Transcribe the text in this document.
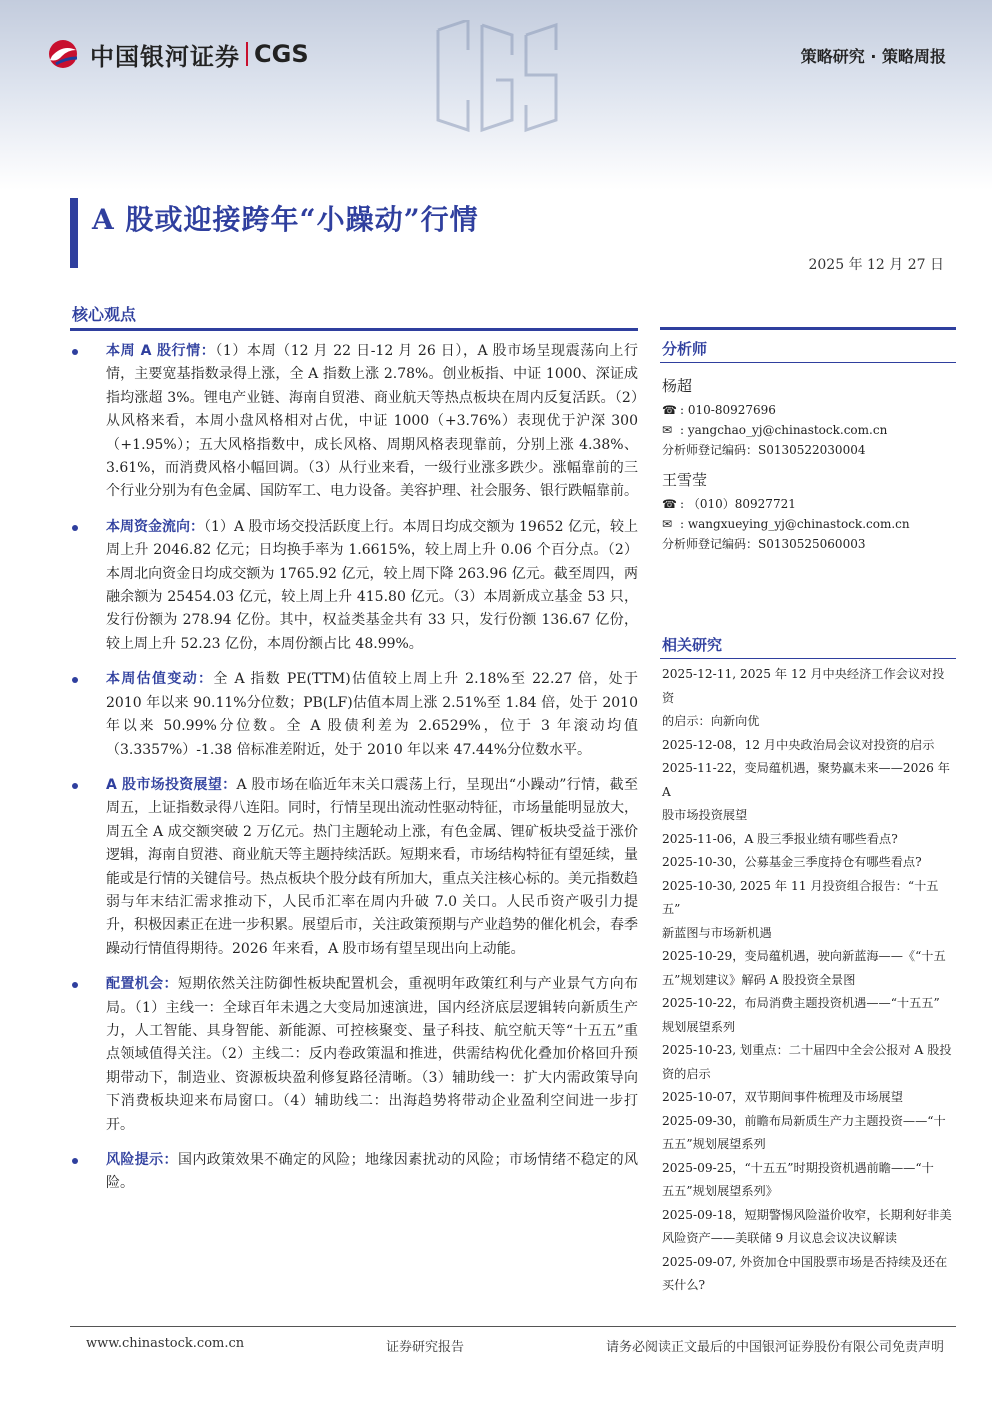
中国银河证券 CGS	策略研究 · 策略周报
A 股或迎接跨年“小躁动”行情
2025 年 12 月 27 日
核心观点
本周 A 股行情：（1）本周（12 月 22 日-12 月 26 日），A 股市场呈现震荡向上行情，主要宽基指数录得上涨，全 A 指数上涨 2.78%。创业板指、中证 1000、深证成指均涨超 3%。锂电产业链、海南自贸港、商业航天等热点板块在周内反复活跃。（2）从风格来看，本周小盘风格相对占优，中证 1000（+3.76%）表现优于沪深 300（+1.95%）；五大风格指数中，成长风格、周期风格表现靠前，分别上涨 4.38%、3.61%，而消费风格小幅回调。（3）从行业来看，一级行业涨多跌少。涨幅靠前的三个行业分别为有色金属、国防军工、电力设备。美容护理、社会服务、银行跌幅靠前。
本周资金流向：（1）A 股市场交投活跃度上行。本周日均成交额为 19652 亿元，较上周上升 2046.82 亿元；日均换手率为 1.6615%，较上周上升 0.06 个百分点。（2）本周北向资金日均成交额为 1765.92 亿元，较上周下降 263.96 亿元。截至周四，两融余额为 25454.03 亿元，较上周上升 415.80 亿元。（3）本周新成立基金 53 只，发行份额为 278.94 亿份。其中，权益类基金共有 33 只，发行份额 136.67 亿份，较上周上升 52.23 亿份，本周份额占比 48.99%。
本周估值变动：全 A 指数 PE(TTM)估值较上周上升 2.18%至 22.27 倍，处于 2010 年以来 90.11%分位数；PB(LF)估值本周上涨 2.51%至 1.84 倍，处于 2010 年以来 50.99%分位数。全 A 股债利差为 2.6529%，位于 3 年滚动均值（3.3357%）-1.38 倍标准差附近，处于 2010 年以来 47.44%分位数水平。
A 股市场投资展望：A 股市场在临近年末关口震荡上行，呈现出“小躁动”行情，截至周五，上证指数录得八连阳。同时，行情呈现出流动性驱动特征，市场量能明显放大，周五全 A 成交额突破 2 万亿元。热门主题轮动上涨，有色金属、锂矿板块受益于涨价逻辑，海南自贸港、商业航天等主题持续活跃。短期来看，市场结构特征有望延续，量能或是行情的关键信号。热点板块个股分歧有所加大，重点关注核心标的。美元指数趋弱与年末结汇需求推动下，人民币汇率在周内升破 7.0 关口。人民币资产吸引力提升，积极因素正在进一步积累。展望后市，关注政策预期与产业趋势的催化机会，春季躁动行情值得期待。2026 年来看，A 股市场有望呈现出向上动能。
配置机会：短期依然关注防御性板块配置机会，重视明年政策红利与产业景气方向布局。（1）主线一：全球百年未遇之大变局加速演进，国内经济底层逻辑转向新质生产力，人工智能、具身智能、新能源、可控核聚变、量子科技、航空航天等“十五五”重点领域值得关注。（2）主线二：反内卷政策温和推进，供需结构优化叠加价格回升预期带动下，制造业、资源板块盈利修复路径清晰。（3）辅助线一：扩大内需政策导向下消费板块迎来布局窗口。（4）辅助线二：出海趋势将带动企业盈利空间进一步打开。
风险提示：国内政策效果不确定的风险；地缘因素扰动的风险；市场情绪不稳定的风险。
分析师
杨超
☎ : 010-80927696
✉ : yangchao_yj@chinastock.com.cn
分析师登记编码：S0130522030004
王雪莹
☎ : （010）80927721
✉ : wangxueying_yj@chinastock.com.cn
分析师登记编码：S0130525060003
相关研究
2025-12-11, 2025 年 12 月中央经济工作会议对投资
的启示：向新向优
2025-12-08，12 月中央政治局会议对投资的启示
2025-11-22，变局蕴机遇，聚势赢未来——2026 年 A
股市场投资展望
2025-11-06，A 股三季报业绩有哪些看点?
2025-10-30，公募基金三季度持仓有哪些看点?
2025-10-30, 2025 年 11 月投资组合报告：“十五五”
新蓝图与市场新机遇
2025-10-29，变局蕴机遇，驶向新蓝海——《“十五
五”规划建议》解码 A 股投资全景图
2025-10-22，布局消费主题投资机遇——“十五五”
规划展望系列
2025-10-23, 划重点：二十届四中全会公报对 A 股投
资的启示
2025-10-07，双节期间事件梳理及市场展望
2025-09-30，前瞻布局新质生产力主题投资——“十
五五”规划展望系列
2025-09-25，“十五五”时期投资机遇前瞻——“十
五五”规划展望系列》
2025-09-18，短期警惕风险溢价收窄，长期利好非美
风险资产——美联储 9 月议息会议决议解读
2025-09-07, 外资加仓中国股票市场是否持续及还在
买什么?
www.chinastock.com.cn	证券研究报告	请务必阅读正文最后的中国银河证券股份有限公司免责声明
